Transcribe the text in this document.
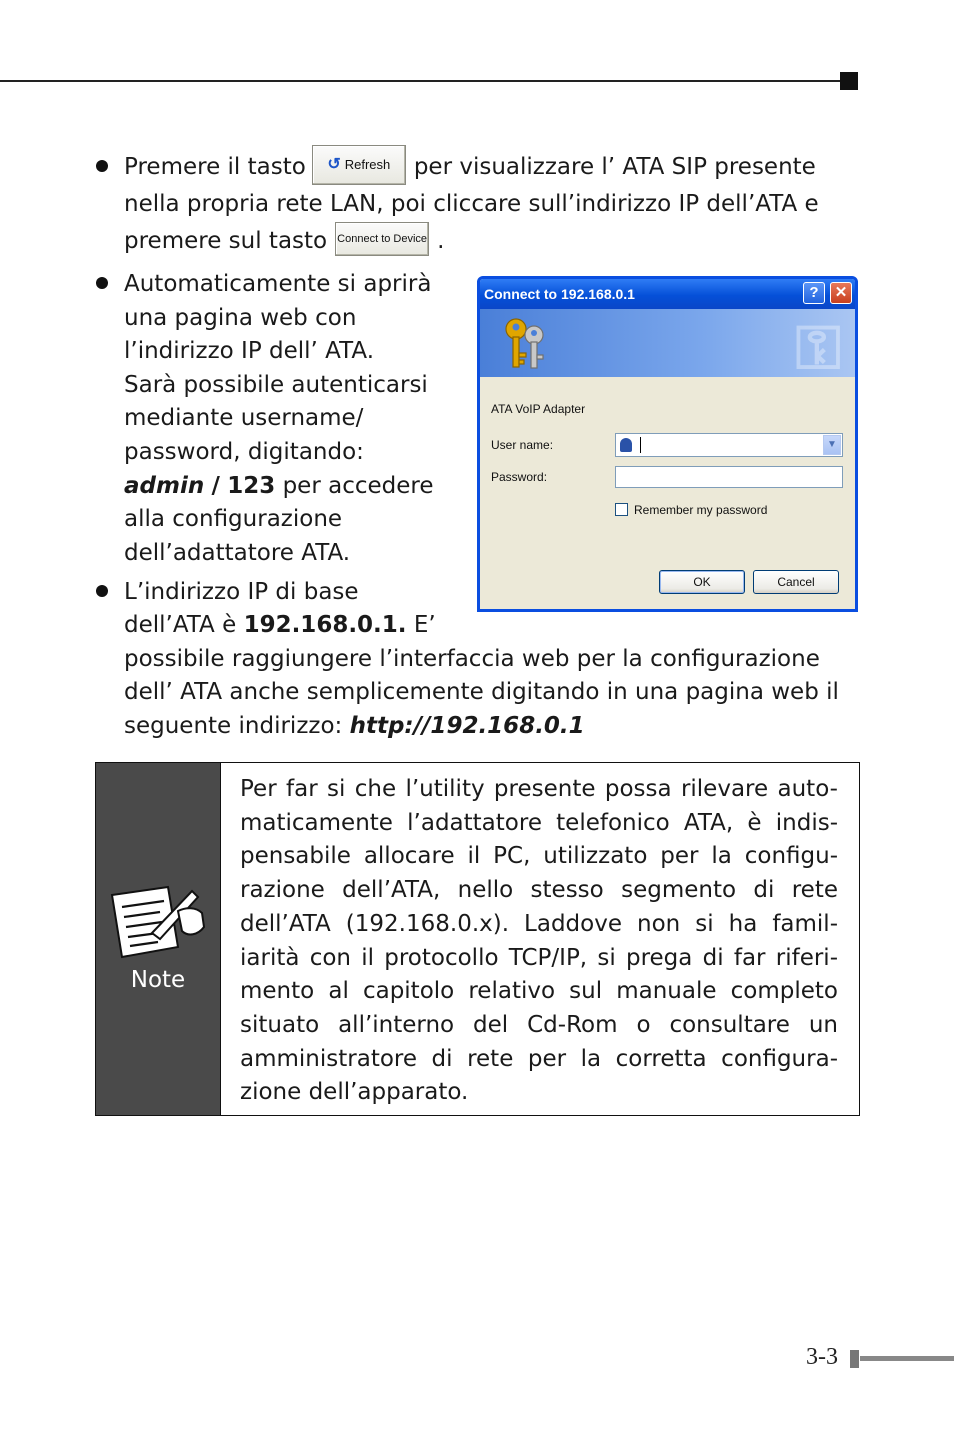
Premere il tasto ↺ Refresh per visualizzare l’ ATA SIP presente
nella propria rete LAN, poi cliccare sull’indirizzo IP dell’ATA e
premere sul tasto Connect to Device .
Automaticamente si aprirà
una pagina web con
l’indirizzo IP dell’ ATA.
Sarà possibile autenticarsi
mediante username/
password, digitando:
admin / 123 per accedere
alla configurazione
dell’adattatore ATA.
Connect to 192.168.0.1	?	✕
⚿
ATA VoIP Adapter
User name:	▼
Password:
Remember my password
OK	Cancel
L’indirizzo IP di base
dell’ATA è 192.168.0.1. E’
possibile raggiungere l’interfaccia web per la configurazione
dell’ ATA anche semplicemente digitando in una pagina web il
seguente indirizzo: http://192.168.0.1
Note
Per far si che l’utility presente possa rilevare auto-maticamente l’adattatore telefonico ATA, è indis-pensabile allocare il PC, utilizzato per la configu-razione dell’ATA, nello stesso segmento di rete dell’ATA (192.168.0.x). Laddove non si ha famil-iarità con il protocollo TCP/IP, si prega di far riferi-mento al capitolo relativo sul manuale completo situato all’interno del Cd-Rom o consultare un amministratore di rete per la corretta configura-zione dell’apparato.
3-3
